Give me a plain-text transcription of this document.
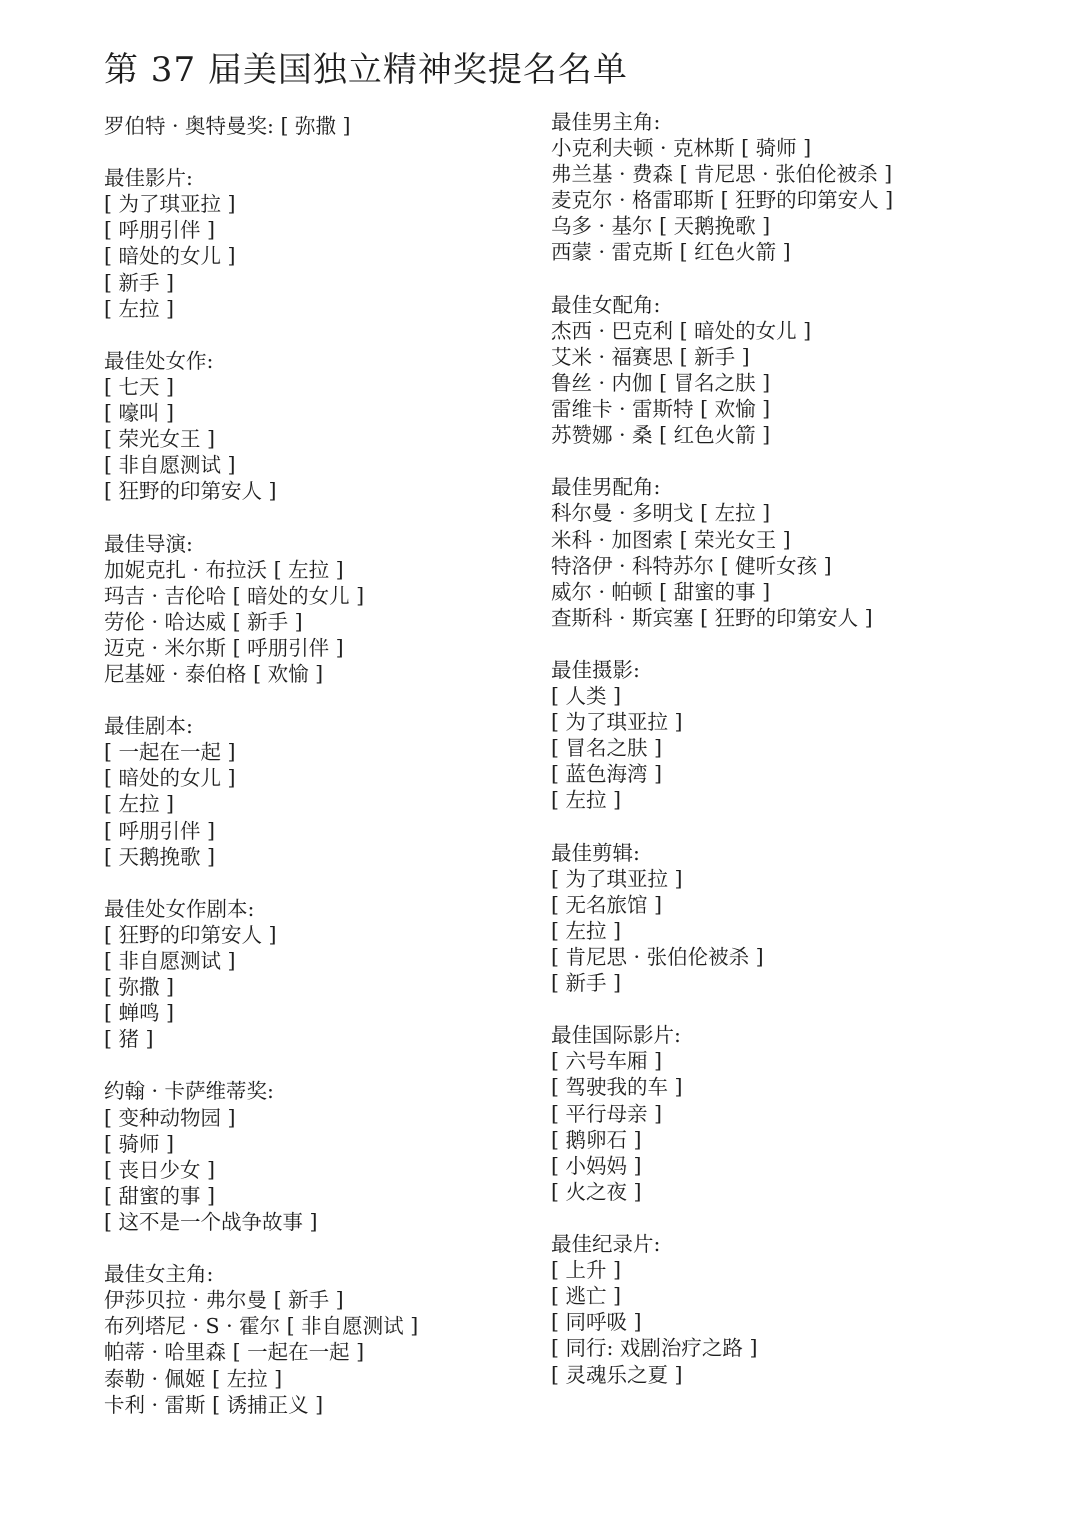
第 37 届美国独立精神奖提名名单
罗伯特 · 奥特曼奖: [ 弥撒 ]
最佳影片:
[ 为了琪亚拉 ]
[ 呼朋引伴 ]
[ 暗处的女儿 ]
[ 新手 ]
[ 左拉 ]
最佳处女作:
[ 七天 ]
[ 嚎叫 ]
[ 荣光女王 ]
[ 非自愿测试 ]
[ 狂野的印第安人 ]
最佳导演:
加妮克扎 · 布拉沃 [ 左拉 ]
玛吉 · 吉伦哈 [ 暗处的女儿 ]
劳伦 · 哈达威 [ 新手 ]
迈克 · 米尔斯 [ 呼朋引伴 ]
尼基娅 · 泰伯格 [ 欢愉 ]
最佳剧本:
[ 一起在一起 ]
[ 暗处的女儿 ]
[ 左拉 ]
[ 呼朋引伴 ]
[ 天鹅挽歌 ]
最佳处女作剧本:
[ 狂野的印第安人 ]
[ 非自愿测试 ]
[ 弥撒 ]
[ 蝉鸣 ]
[ 猪 ]
约翰 · 卡萨维蒂奖:
[ 变种动物园 ]
[ 骑师 ]
[ 丧日少女 ]
[ 甜蜜的事 ]
[ 这不是一个战争故事 ]
最佳女主角:
伊莎贝拉 · 弗尔曼 [ 新手 ]
布列塔尼 · S · 霍尔 [ 非自愿测试 ]
帕蒂 · 哈里森 [ 一起在一起 ]
泰勒 · 佩姬 [ 左拉 ]
卡利 · 雷斯 [ 诱捕正义 ]
最佳男主角:
小克利夫顿 · 克林斯 [ 骑师 ]
弗兰基 · 费森 [ 肯尼思 · 张伯伦被杀 ]
麦克尔 · 格雷耶斯 [ 狂野的印第安人 ]
乌多 · 基尔 [ 天鹅挽歌 ]
西蒙 · 雷克斯 [ 红色火箭 ]
最佳女配角:
杰西 · 巴克利 [ 暗处的女儿 ]
艾米 · 福赛思 [ 新手 ]
鲁丝 · 内伽 [ 冒名之肤 ]
雷维卡 · 雷斯特 [ 欢愉 ]
苏赞娜 · 桑 [ 红色火箭 ]
最佳男配角:
科尔曼 · 多明戈 [ 左拉 ]
米科 · 加图索 [ 荣光女王 ]
特洛伊 · 科特苏尔 [ 健听女孩 ]
威尔 · 帕顿 [ 甜蜜的事 ]
查斯科 · 斯宾塞 [ 狂野的印第安人 ]
最佳摄影:
[ 人类 ]
[ 为了琪亚拉 ]
[ 冒名之肤 ]
[ 蓝色海湾 ]
[ 左拉 ]
最佳剪辑:
[ 为了琪亚拉 ]
[ 无名旅馆 ]
[ 左拉 ]
[ 肯尼思 · 张伯伦被杀 ]
[ 新手 ]
最佳国际影片:
[ 六号车厢 ]
[ 驾驶我的车 ]
[ 平行母亲 ]
[ 鹅卵石 ]
[ 小妈妈 ]
[ 火之夜 ]
最佳纪录片:
[ 上升 ]
[ 逃亡 ]
[ 同呼吸 ]
[ 同行: 戏剧治疗之路 ]
[ 灵魂乐之夏 ]
